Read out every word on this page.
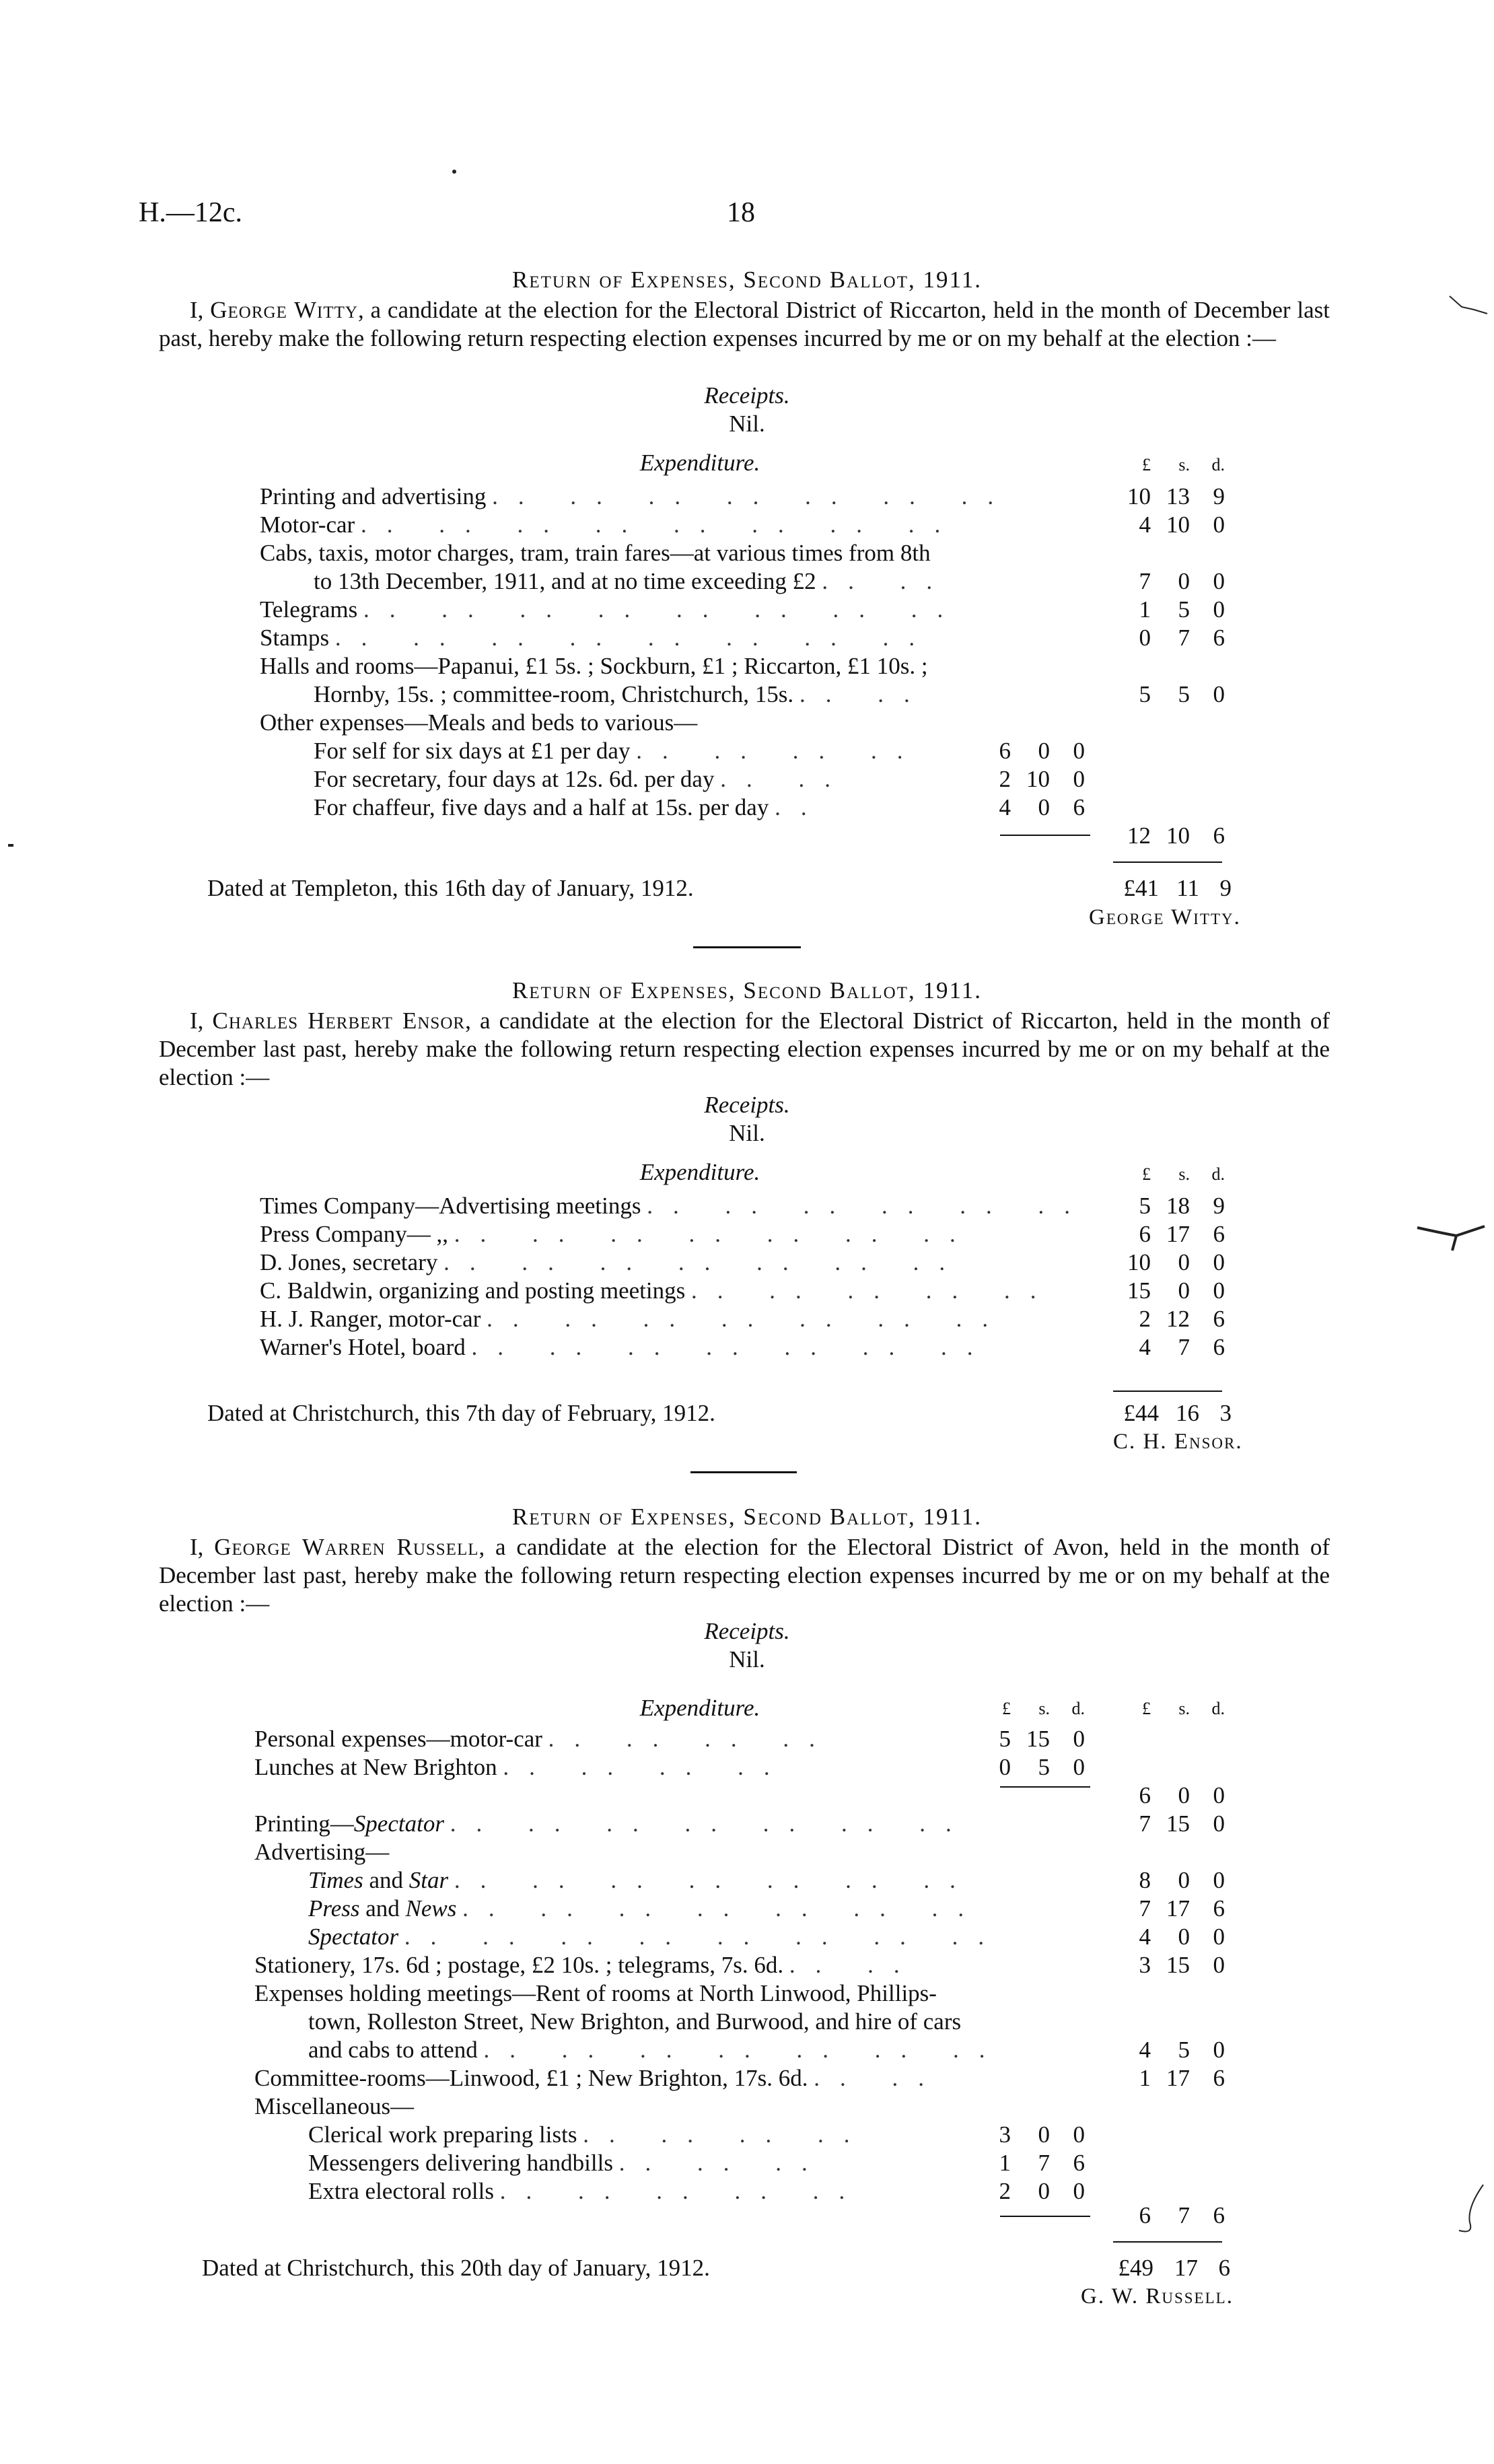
H.—12c.	18
Return of Expenses, Second Ballot, 1911.
I, George Witty, a candidate at the election for the Electoral District of Riccarton, held in the month of December last past, hereby make the following return respecting election expenses incurred by me or on my behalf at the election :—
Receipts.
Nil.
Expenditure.	£	s.	d.
Printing and advertising .. .. .. .. .. .. ..	10 13 9
Motor-car .. .. .. .. .. .. .. ..	4 10 0
Cabs, taxis, motor charges, tram, train fares—at various times from 8th
to 13th December, 1911, and at no time exceeding £2 .. ..	7	0 0
Telegrams .. .. .. .. .. .. .. ..	1	5 0
Stamps .. .. .. .. .. .. .. ..	0	7 6
Halls and rooms—Papanui, £1 5s. ; Sockburn, £1 ; Riccarton, £1 10s. ;
Hornby, 15s. ; committee-room, Christchurch, 15s. .. ..	5	5 0
Other expenses—Meals and beds to various—
For self for six days at £1 per day .. .. .. ..	6	0 0
For secretary, four days at 12s. 6d. per day .. ..	2 10 0
For chaffeur, five days and a half at 15s. per day ..	4	0 6
12 10 6
Dated at Templeton, this 16th day of January, 1912.	£41 11 9
George Witty.
Return of Expenses, Second Ballot, 1911.
I, Charles Herbert Ensor, a candidate at the election for the Electoral District of Riccarton, held in the month of December last past, hereby make the following return respecting election expenses incurred by me or on my behalf at the election :—
Receipts.
Nil.
Expenditure.	£	s.	d.
Times Company—Advertising meetings .. .. .. .. .. ..	5 18 9
Press Company— ,, .. .. .. .. .. .. ..	6 17 6
D. Jones, secretary .. .. .. .. .. .. ..	10	0 0
C. Baldwin, organizing and posting meetings .. .. .. .. ..	15	0 0
H. J. Ranger, motor-car .. .. .. .. .. .. ..	2 12 6
Warner's Hotel, board .. .. .. .. .. .. ..	4	7 6
Dated at Christchurch, this 7th day of February, 1912.	£44 16 3
C. H. Ensor.
Return of Expenses, Second Ballot, 1911.
I, George Warren Russell, a candidate at the election for the Electoral District of Avon, held in the month of December last past, hereby make the following return respecting election expenses incurred by me or on my behalf at the election :—
Receipts.
Nil.
Expenditure.	£	s.	d.	£	s.	d.
Personal expenses—motor-car .. .. .. ..	5 15 0
Lunches at New Brighton .. .. .. ..	0	5 0
6	0 0
Printing—Spectator .. .. .. .. .. .. ..	7 15 0
Advertising—
Times and Star .. .. .. .. .. .. ..	8	0 0
Press and News .. .. .. .. .. .. ..	7 17 6
Spectator .. .. .. .. .. .. .. ..	4	0 0
Stationery, 17s. 6d ; postage, £2 10s. ; telegrams, 7s. 6d. .. ..	3 15 0
Expenses holding meetings—Rent of rooms at North Linwood, Phillips-
town, Rolleston Street, New Brighton, and Burwood, and hire of cars
and cabs to attend .. .. .. .. .. .. ..	4	5 0
Committee-rooms—Linwood, £1 ; New Brighton, 17s. 6d. .. ..	1 17 6
Miscellaneous—
Clerical work preparing lists .. .. .. ..	3	0 0
Messengers delivering handbills .. .. ..	1	7 6
Extra electoral rolls .. .. .. .. ..	2	0 0
6	7 6
Dated at Christchurch, this 20th day of January, 1912.	£49 17 6
G. W. Russell.
